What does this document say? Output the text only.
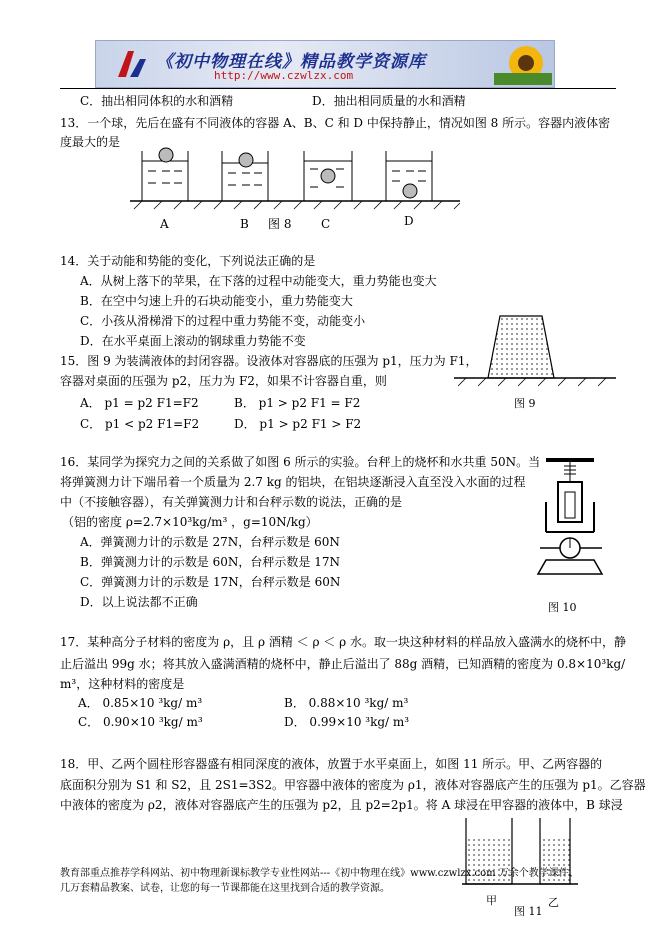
《初中物理在线》精品教学资源库
http://www.czwlzx.com
C．抽出相同体积的水和酒精	D．抽出相同质量的水和酒精
13．一个球，先后在盛有不同液体的容器 A、B、C 和 D 中保持静止，情况如图 8 所示。容器内液体密
度最大的是
A	B 图 8 C	D
14．关于动能和势能的变化，下列说法正确的是
A．从树上落下的苹果，在下落的过程中动能变大，重力势能也变大
B．在空中匀速上升的石块动能变小，重力势能变大
C．小孩从滑梯滑下的过程中重力势能不变，动能变小
D．在水平桌面上滚动的钢球重力势能不变
图 9
15．图 9 为装满液体的封闭容器。设液体对容器底的压强为 p1，压力为 F1，
容器对桌面的压强为 p2，压力为 F2，如果不计容器自重，则
A． p1 = p2 F1=F2	B． p1 > p2 F1 = F2
C． p1 < p2 F1=F2	D． p1 > p2 F1 > F2
16．某同学为探究力之间的关系做了如图 6 所示的实验。台秤上的烧杯和水共重 50N。当
将弹簧测力计下端吊着一个质量为 2.7 kg 的铝块，在铝块逐渐浸入直至没入水面的过程
中（不接触容器），有关弹簧测力计和台秤示数的说法，正确的是
（铝的密度 ρ=2.7×10³kg/m³ ，g=10N/kg）
A．弹簧测力计的示数是 27N，台秤示数是 60N
B．弹簧测力计的示数是 60N，台秤示数是 17N
C．弹簧测力计的示数是 17N，台秤示数是 60N
D．以上说法都不正确	图 10
17．某种高分子材料的密度为 ρ，且 ρ 酒精 ＜ ρ ＜ ρ 水。取一块这种材料的样品放入盛满水的烧杯中，静
止后溢出 99g 水；将其放入盛满酒精的烧杯中，静止后溢出了 88g 酒精，已知酒精的密度为 0.8×10³kg/
m³，这种材料的密度是
A． 0.85×10 ³kg/ m³	B． 0.88×10 ³kg/ m³
C． 0.90×10 ³kg/ m³	D． 0.99×10 ³kg/ m³
18．甲、乙两个圆柱形容器盛有相同深度的液体，放置于水平桌面上，如图 11 所示。甲、乙两容器的
底面积分别为 S1 和 S2，且 2S1=3S2。甲容器中液体的密度为 ρ1，液体对容器底产生的压强为 p1。乙容器
中液体的密度为 ρ2，液体对容器底产生的压强为 p2，且 p2=2p1。将 A 球浸在甲容器的液体中，B 球浸
甲	乙
图 11
教育部重点推荐学科网站、初中物理新课标教学专业性网站---《初中物理在线》www.czwlzx.com 万余个教学课件、
几万套精品教案、试卷，让您的每一节课都能在这里找到合适的教学资源。
